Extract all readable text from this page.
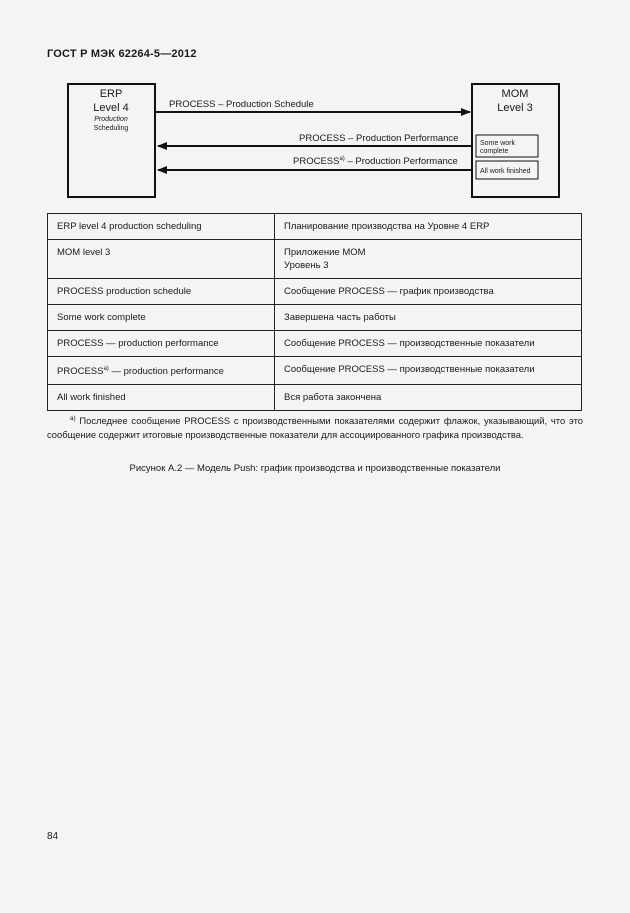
ГОСТ Р МЭК 62264-5—2012
ERP
Level 4
Production
Scheduling
MOM
Level 3
Some work
complete
All work finished
PROCESS – Production Schedule
PROCESS – Production Performance
PROCESS$^{a)}$ – Production Performance
ERP level 4 production scheduling	Планирование производства на Уровне 4 ERP
MOM level 3	Приложение МОМ
Уровень 3
PROCESS production schedule	Сообщение PROCESS — график производства
Some work complete	Завершена часть работы
PROCESS — production performance	Сообщение PROCESS — производственные показатели
PROCESS$^{a)}$ — production performance	Сообщение PROCESS — производственные показатели
All work finished	Вся работа закончена
$^{а)}$ Последнее сообщение PROCESS с производственными показателями содержит флажок, указывающий, что это сообщение содержит итоговые производственные показатели для ассоциированного графика производства.
Рисунок А.2 — Модель Push: график производства и производственные показатели
84
